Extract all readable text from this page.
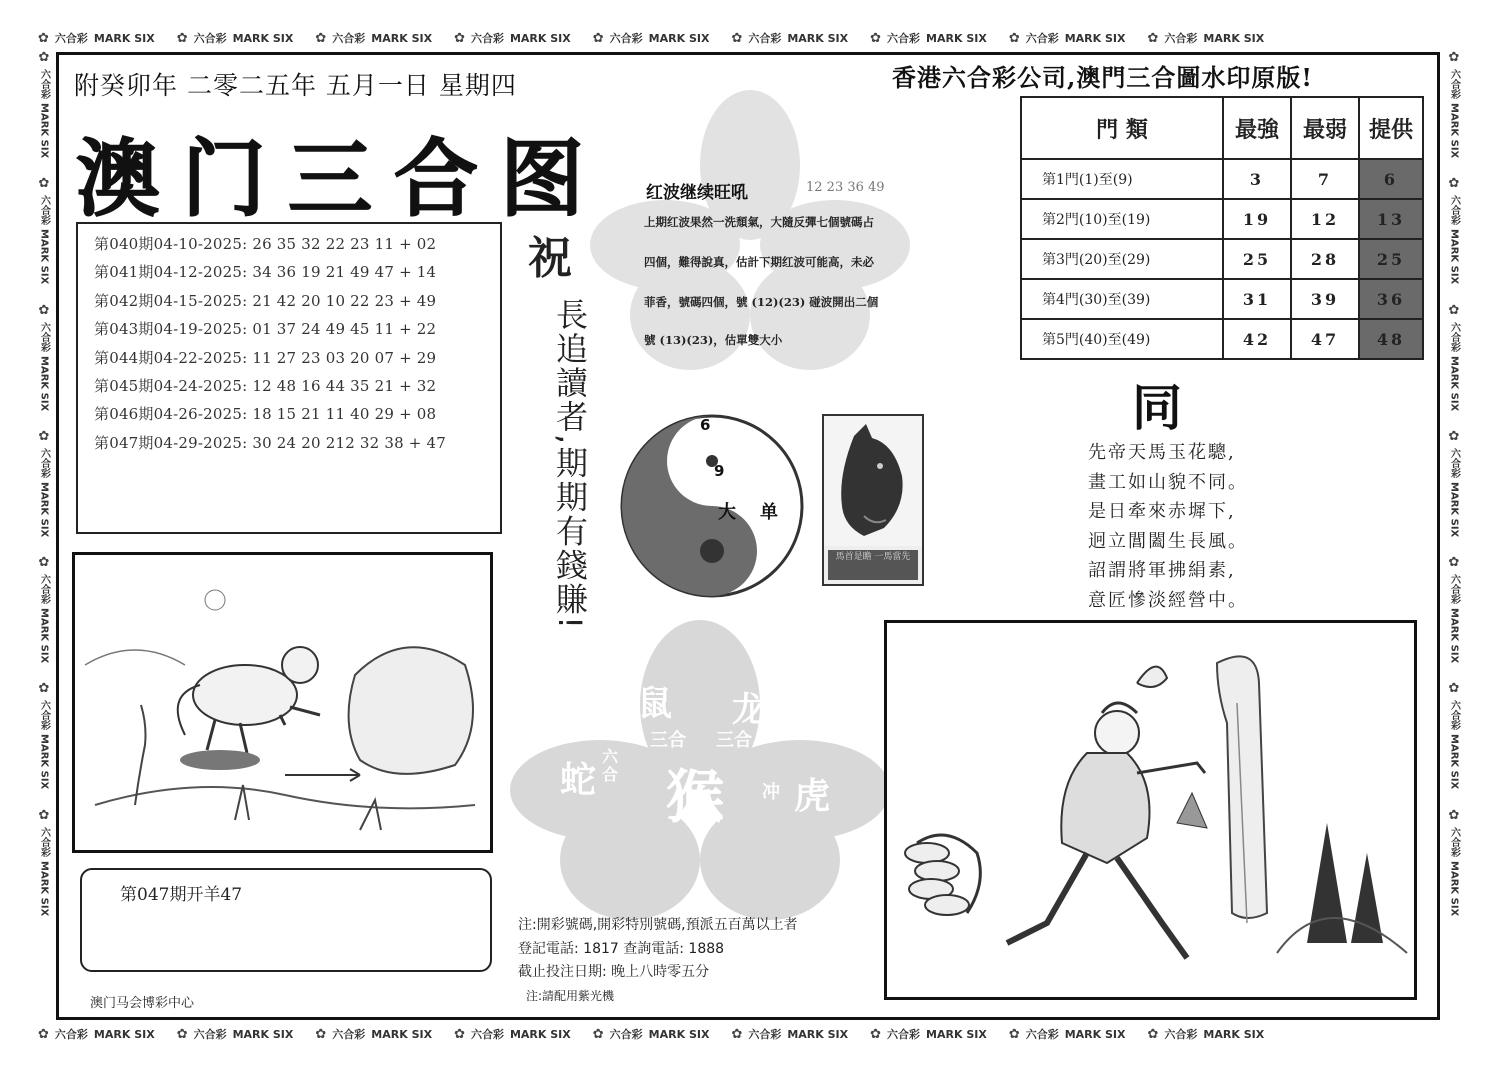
✿ 六合彩 MARK SIX ✿ 六合彩 MARK SIX ✿ 六合彩 MARK SIX ✿ 六合彩 MARK SIX ✿ 六合彩 MARK SIX ✿ 六合彩 MARK SIX ✿ 六合彩 MARK SIX ✿ 六合彩 MARK SIX ✿ 六合彩 MARK SIX
✿ 六合彩 MARK SIX ✿ 六合彩 MARK SIX ✿ 六合彩 MARK SIX ✿ 六合彩 MARK SIX ✿ 六合彩 MARK SIX ✿ 六合彩 MARK SIX ✿ 六合彩 MARK SIX ✿ 六合彩 MARK SIX ✿ 六合彩 MARK SIX
✿
六合彩
MARK SIX
✿
六合彩
MARK SIX
✿
六合彩
MARK SIX
✿
六合彩
MARK SIX
✿
六合彩
MARK SIX
✿
六合彩
MARK SIX
✿
六合彩
MARK SIX
✿
六合彩
MARK SIX
✿
六合彩
MARK SIX
✿
六合彩
MARK SIX
✿
六合彩
MARK SIX
✿
六合彩
MARK SIX
✿
六合彩
MARK SIX
✿
六合彩
MARK SIX
附癸卯年 二零二五年 五月一日 星期四
澳门三合图
香港六合彩公司,澳門三合圖水印原版!
鼠 龙
三合 三合
蛇
六合 猴 冲 虎
第040期04-10-2025: 26 35 32 22 23 11 + 02
第041期04-12-2025: 34 36 19 21 49 47 + 14
第042期04-15-2025: 21 42 20 10 22 23 + 49
第043期04-19-2025: 01 37 24 49 45 11 + 22
第044期04-22-2025: 11 27 23 03 20 07 + 29
第045期04-24-2025: 12 48 16 44 35 21 + 32
第046期04-26-2025: 18 15 21 11 40 29 + 08
第047期04-29-2025: 30 24 20 212 32 38 + 47
祝
長追讀者,期期有錢賺!
第047期开羊47
澳门马会博彩中心
红波继续旺吼	12 23 36 49
上期红波果然一洗頹氣，大隨反彈七個號碼占
四個，難得說真，估計下期红波可能高，未必
菲香，號碼四個，號 (12)(23) 碰波開出二個
號 (13)(23)，估單雙大小
門 類	最強	最弱	提供
第1門(1)至(9)	3	7	6
第2門(10)至(19)	19	12	13
第3門(20)至(29)	25	28	25
第4門(30)至(39)	31	39	36
第5門(40)至(49)	42	47	48
6
9
大 单
馬首是瞻 一馬當先
同
先帝天馬玉花驄,
畫工如山貌不同。
是日牽來赤墀下,
迥立閶闔生長風。
詔謂將軍拂絹素,
意匠慘淡經營中。
注:開彩號碼,開彩特別號碼,預派五百萬以上者
登記電話: 1817 查詢電話: 1888
截止投注日期: 晚上八時零五分
注:請配用紫光機
